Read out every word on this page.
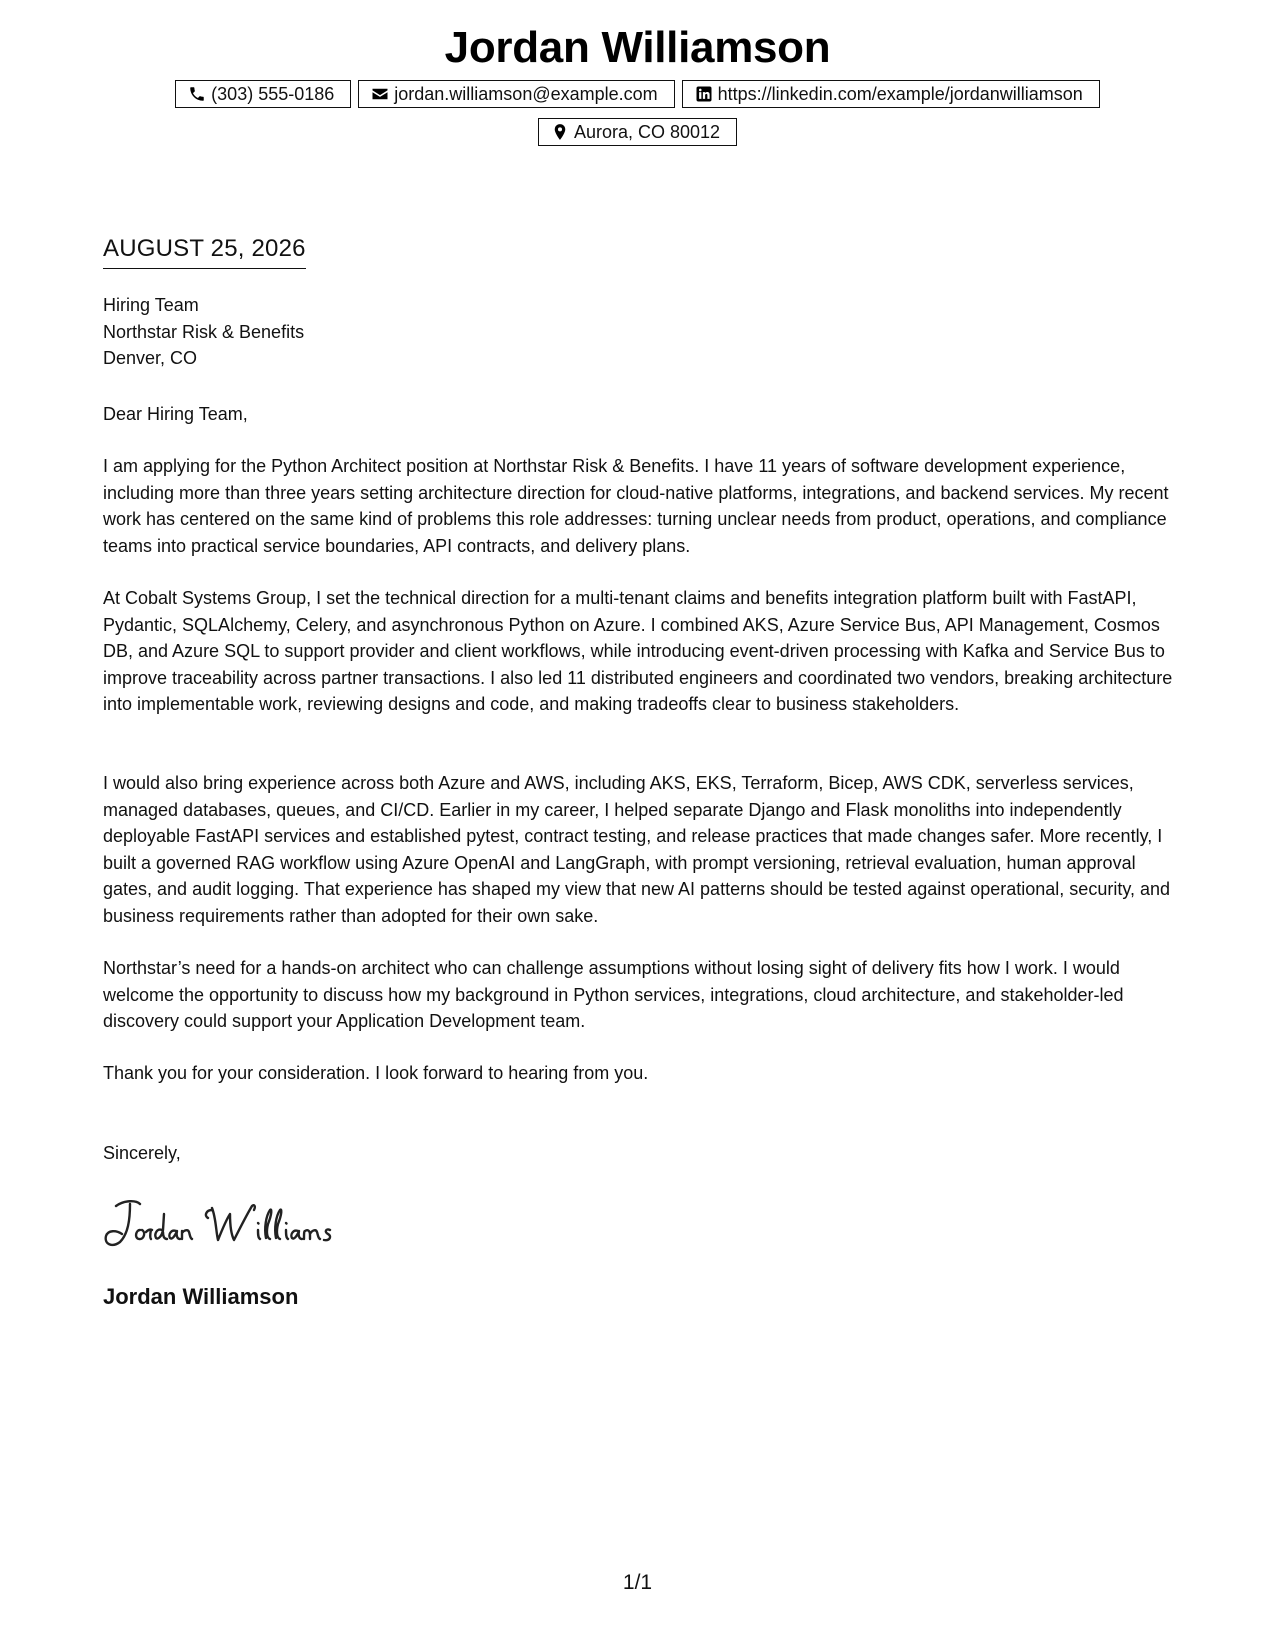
Jordan Williamson
(303) 555-0186	jordan.williamson@example.com	https://linkedin.com/example/jordanwilliamson
Aurora, CO 80012
AUGUST 25, 2026
Hiring Team
Northstar Risk & Benefits
Denver, CO

Dear Hiring Team,

I am applying for the Python Architect position at Northstar Risk & Benefits. I have 11 years of software development experience, including more than three years setting architecture direction for cloud-native platforms, integrations, and backend services. My recent work has centered on the same kind of problems this role addresses: turning unclear needs from product, operations, and compliance teams into practical service boundaries, API contracts, and delivery plans.

At Cobalt Systems Group, I set the technical direction for a multi-tenant claims and benefits integration platform built with FastAPI, Pydantic, SQLAlchemy, Celery, and asynchronous Python on Azure. I combined AKS, Azure Service Bus, API Management, Cosmos DB, and Azure SQL to support provider and client workflows, while introducing event-driven processing with Kafka and Service Bus to improve traceability across partner transactions. I also led 11 distributed engineers and coordinated two vendors, breaking architecture into implementable work, reviewing designs and code, and making tradeoffs clear to business stakeholders.

I would also bring experience across both Azure and AWS, including AKS, EKS, Terraform, Bicep, AWS CDK, serverless services, managed databases, queues, and CI/CD. Earlier in my career, I helped separate Django and Flask monoliths into independently deployable FastAPI services and established pytest, contract testing, and release practices that made changes safer. More recently, I built a governed RAG workflow using Azure OpenAI and LangGraph, with prompt versioning, retrieval evaluation, human approval gates, and audit logging. That experience has shaped my view that new AI patterns should be tested against operational, security, and business requirements rather than adopted for their own sake.

Northstar’s need for a hands-on architect who can challenge assumptions without losing sight of delivery fits how I work. I would welcome the opportunity to discuss how my background in Python services, integrations, cloud architecture, and stakeholder-led discovery could support your Application Development team.

Thank you for your consideration. I look forward to hearing from you.

Sincerely,

Jordan Williamson
1/1
